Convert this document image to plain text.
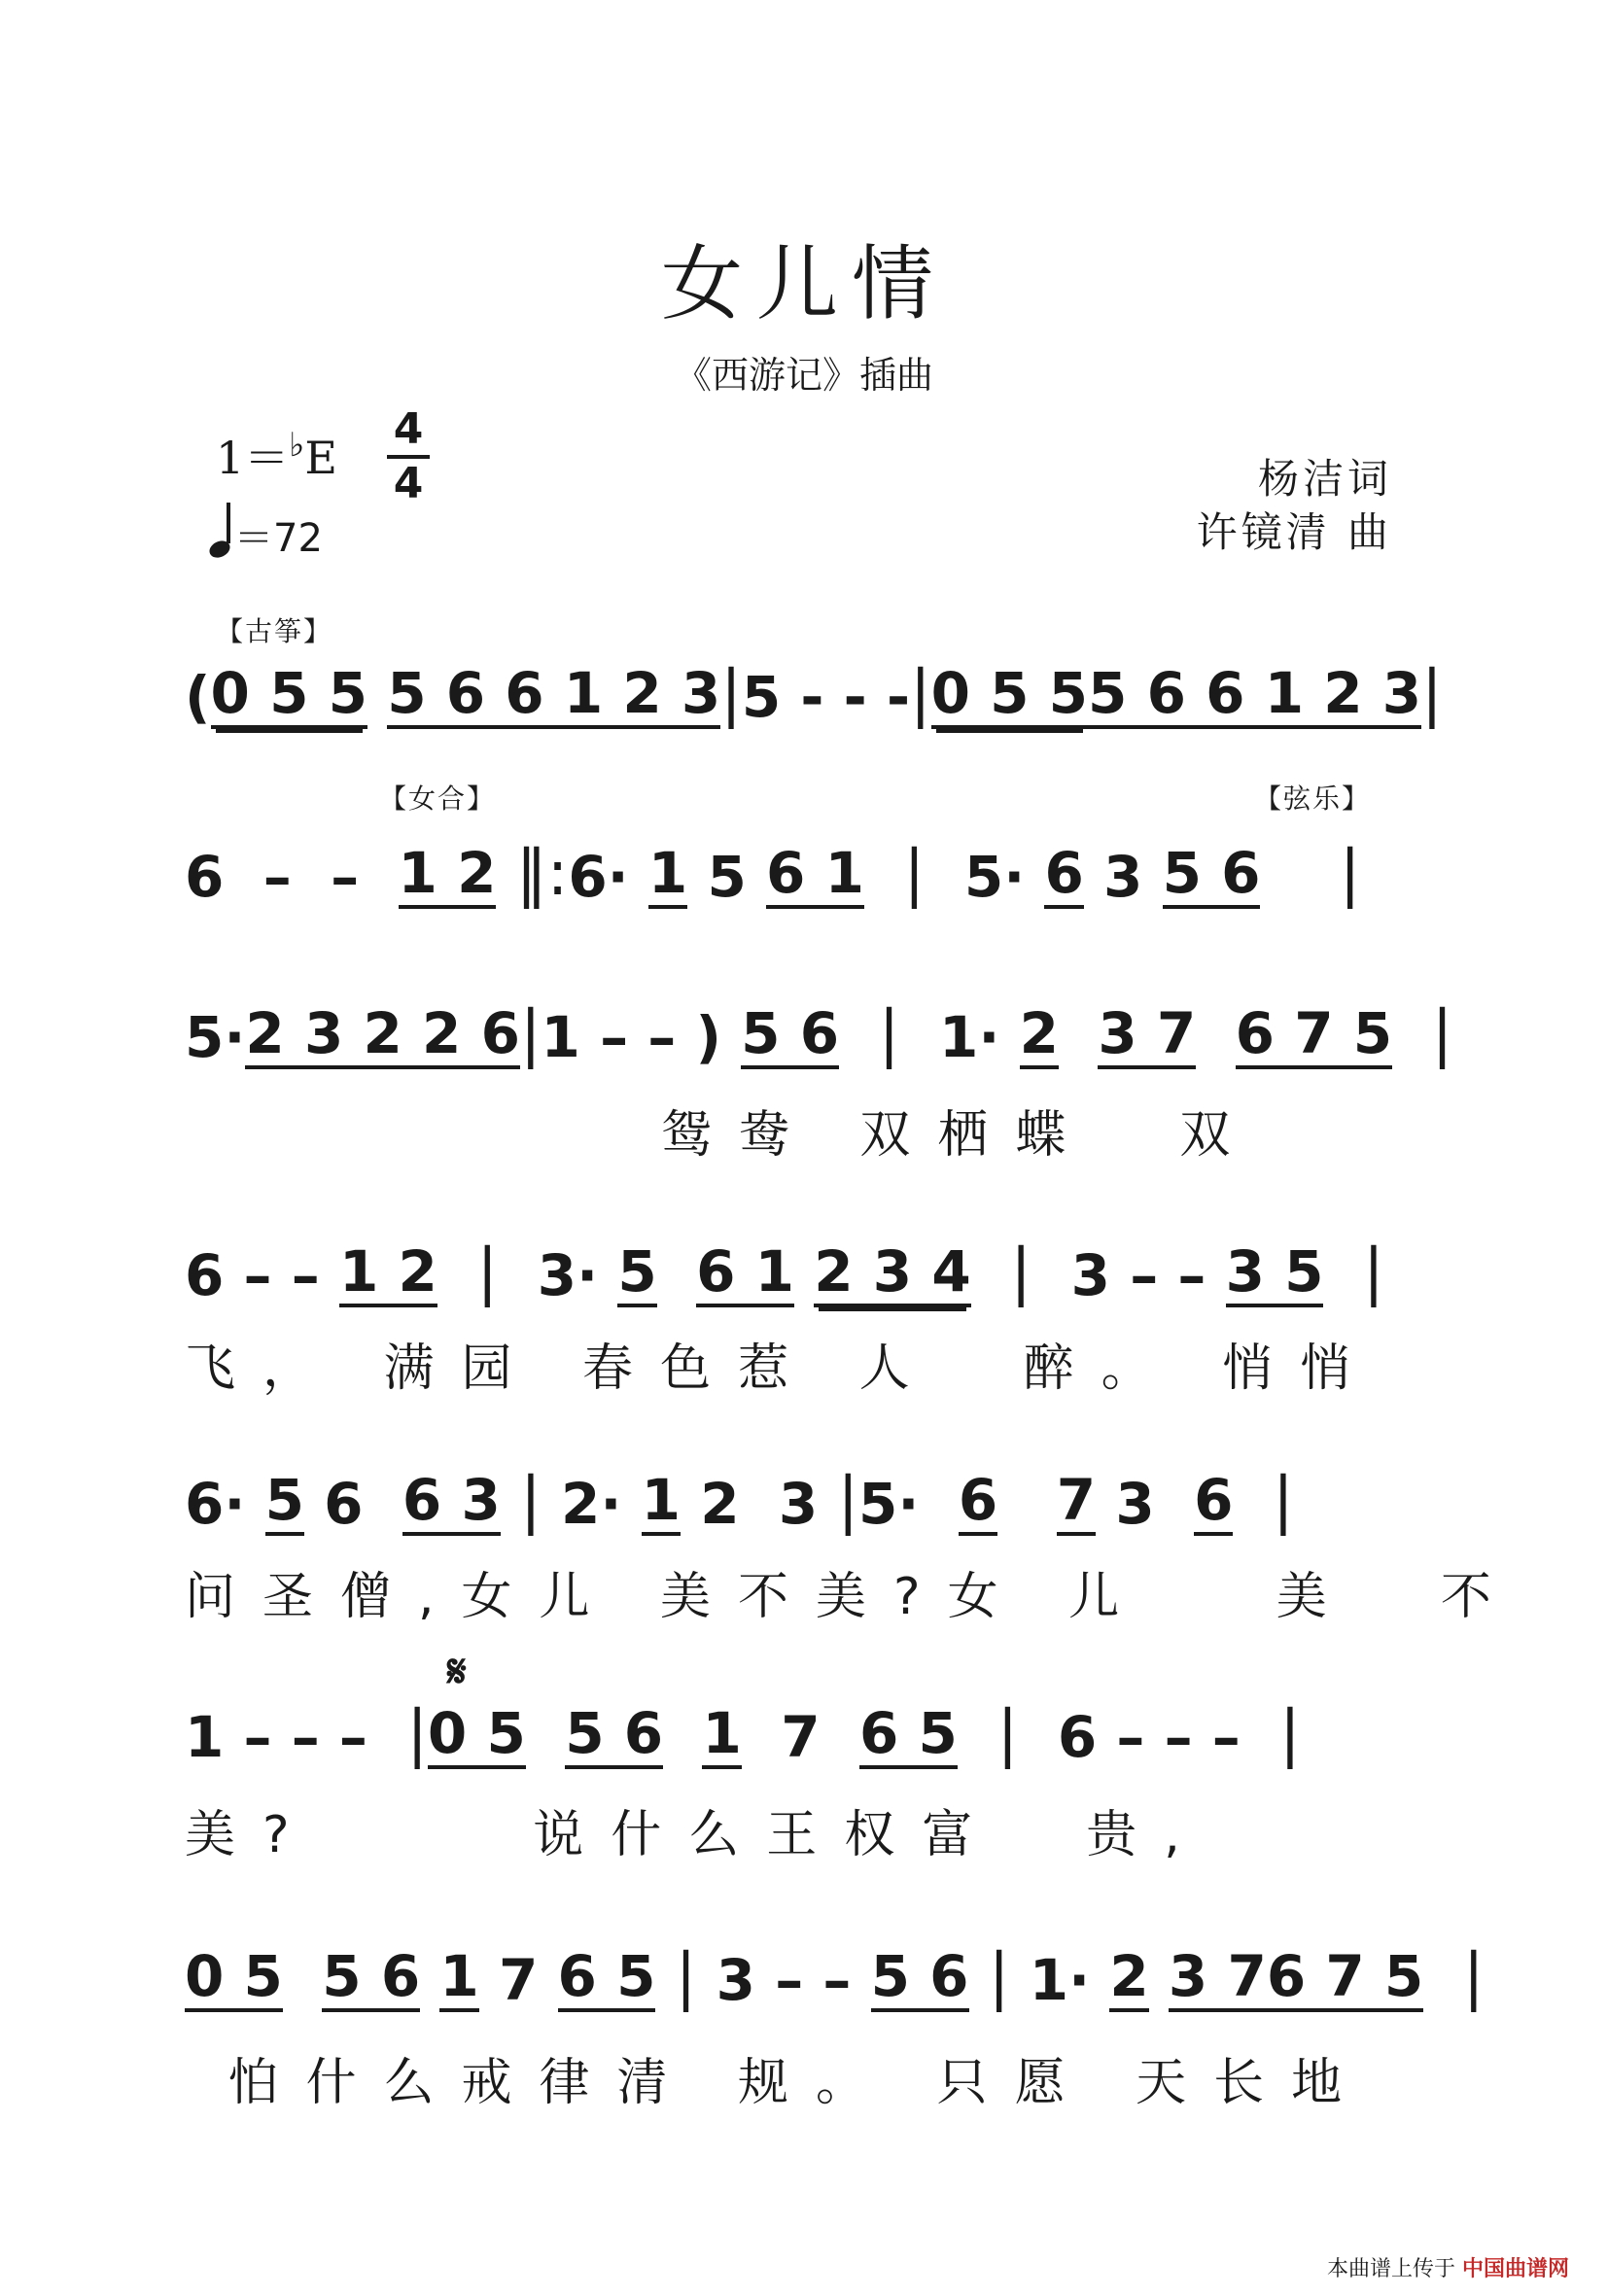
女儿情
《西游记》插曲
1＝♭E
4
4
＝72
杨洁词
许镜清 曲
【古筝】
【女合】	【弦乐】
𝄋
( 0 5 5
5 6 6 1 2 3 | 5 - - - | 0 5 5 5 6 6 1 2 3 |
6  –  – 1 2 ‖: 6· 1 5 6 1 | 5· 6 3 5 6 |
5· 2 3 2 2 6 | 1 – – ) 5 6 | 1· 2
3 7
6 7 5 |
鸳鸯 双栖蝶  双
6 – – 1 2 | 3· 5
6 1
2 3 4 | 3 – – 3 5 |
飞， 满园 春色惹 人  醉。 悄悄
6· 5 6 6 3 | 2· 1 2  3 | 5· 6
7 3 6 |
问圣僧,女儿 美不美?女 儿   美  不
1 – – – | 0 5
5 6
1 7 6 5 | 6 – – – |
美?     说什么王权富  贵,
0 5
5 6
1 7 6 5 | 3 – – 5 6 | 1· 2
3 7 6 7 5 |
怕什么戒律清 规。 只愿 天长地
本曲谱上传于 中国曲谱网
